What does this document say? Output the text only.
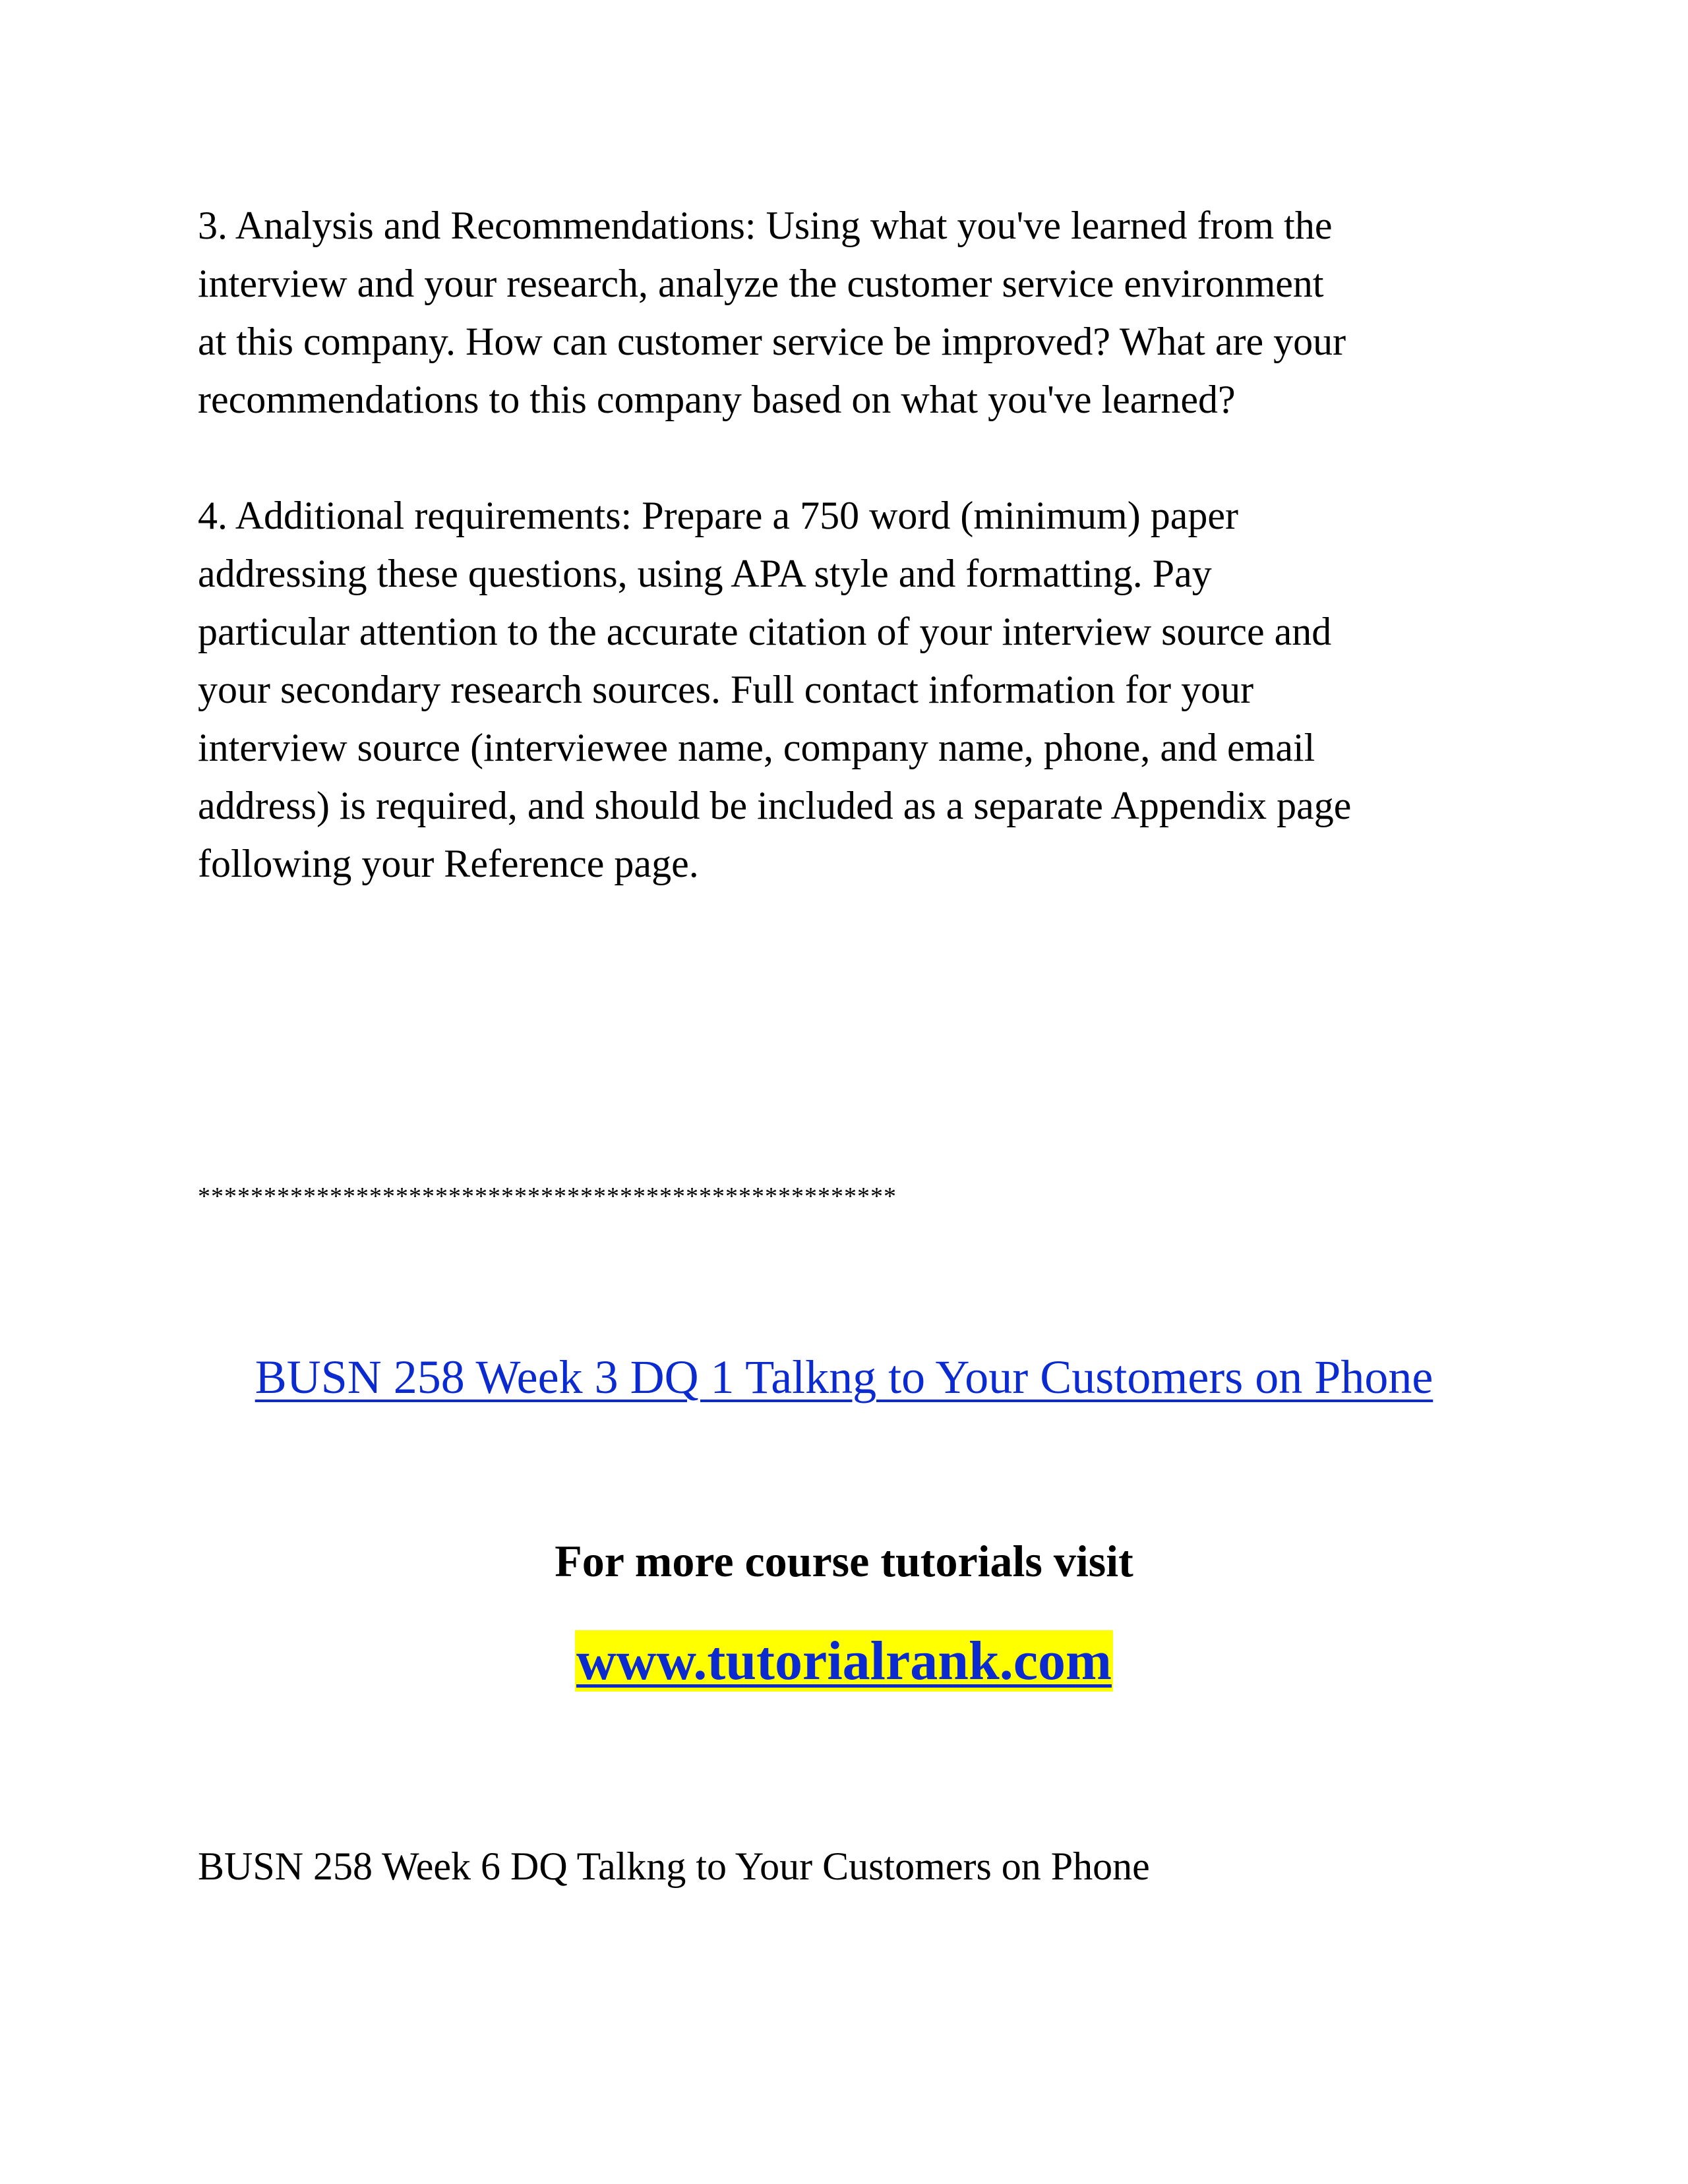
3. Analysis and Recommendations: Using what you've learned from the
interview and your research, analyze the customer service environment
at this company. How can customer service be improved? What are your
recommendations to this company based on what you've learned?

4. Additional requirements: Prepare a 750 word (minimum) paper
addressing these questions, using APA style and formatting. Pay
particular attention to the accurate citation of your interview source and
your secondary research sources. Full contact information for your
interview source (interviewee name, company name, phone, and email
address) is required, and should be included as a separate Appendix page
following your Reference page.

*****************************************************
BUSN 258 Week 3 DQ 1 Talkng to Your Customers on Phone
For more course tutorials visit
www.tutorialrank.com
BUSN 258 Week 6 DQ Talkng to Your Customers on Phone
